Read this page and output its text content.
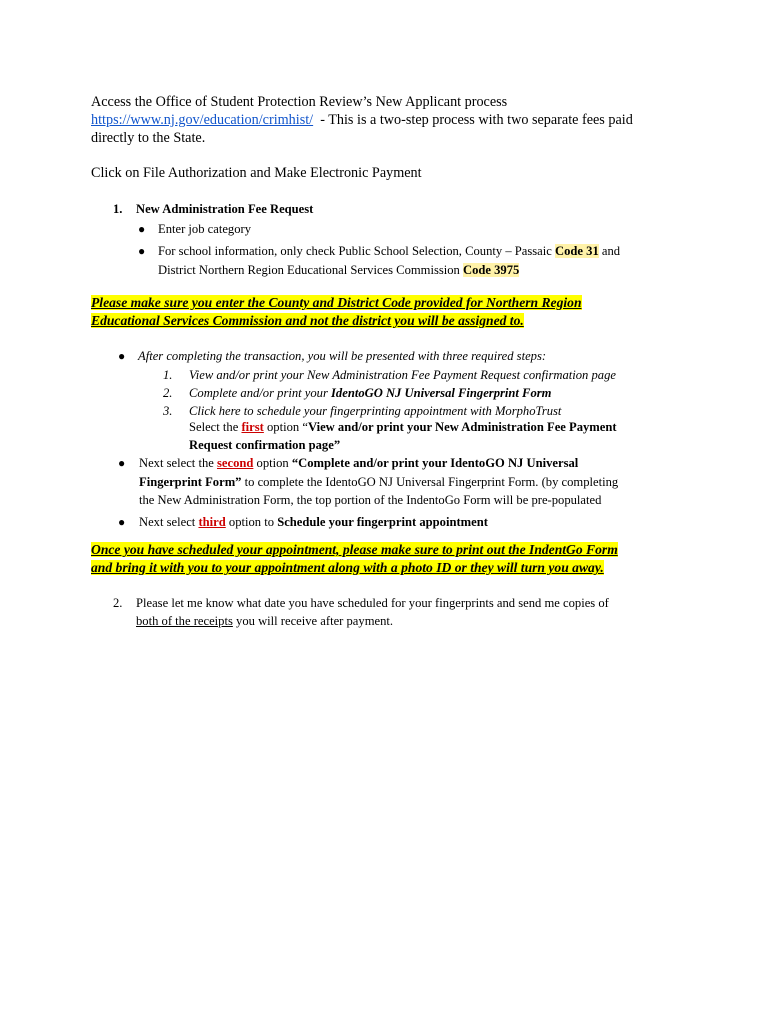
Access the Office of Student Protection Review’s New Applicant process
https://www.nj.gov/education/crimhist/  - This is a two-step process with two separate fees paid
directly to the State.
Click on File Authorization and Make Electronic Payment
1. New Administration Fee Request
● Enter job category
● For school information, only check Public School Selection, County – Passaic Code 31 and
District Northern Region Educational Services Commission Code 3975
Please make sure you enter the County and District Code provided for Northern Region
Educational Services Commission and not the district you will be assigned to.
● After completing the transaction, you will be presented with three required steps:
1. View and/or print your New Administration Fee Payment Request confirmation page
2. Complete and/or print your IdentoGO NJ Universal Fingerprint Form
3. Click here to schedule your fingerprinting appointment with MorphoTrust
Select the first option “View and/or print your New Administration Fee Payment
Request confirmation page”
● Next select the second option “Complete and/or print your IdentoGO NJ Universal
Fingerprint Form” to complete the IdentoGO NJ Universal Fingerprint Form. (by completing
the New Administration Form, the top portion of the IndentoGo Form will be pre-populated
● Next select third option to Schedule your fingerprint appointment
Once you have scheduled your appointment, please make sure to print out the IndentGo Form
and bring it with you to your appointment along with a photo ID or they will turn you away.
2. Please let me know what date you have scheduled for your fingerprints and send me copies of
both of the receipts you will receive after payment.
